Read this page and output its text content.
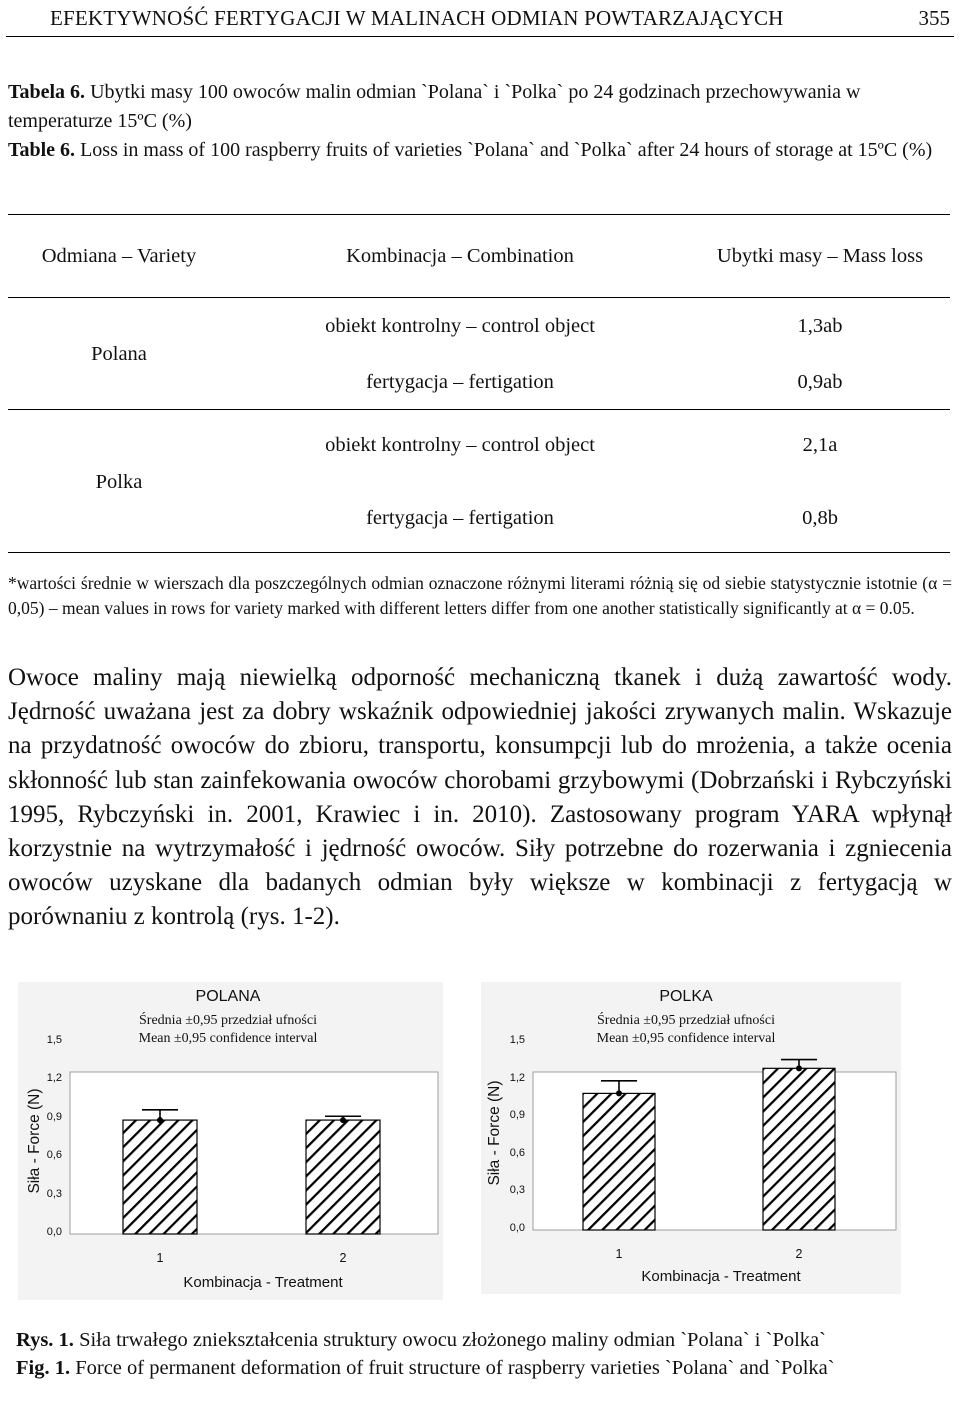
EFEKTYWNOŚĆ FERTYGACJI W MALINACH ODMIAN POWTARZAJĄCYCH	355
Tabela 6. Ubytki masy 100 owoców malin odmian `Polana` i `Polka` po 24 godzinach przechowywania w temperaturze 15ºC (%)
Table 6. Loss in mass of 100 raspberry fruits of varieties `Polana` and `Polka` after 24 hours of storage at 15ºC (%)
Odmiana – Variety	Kombinacja – Combination	Ubytki masy – Mass loss
Polana
obiekt kontrolny – control object	1,3ab
fertygacja – fertigation	0,9ab
Polka
obiekt kontrolny – control object	2,1a
fertygacja – fertigation	0,8b
*wartości średnie w wierszach dla poszczególnych odmian oznaczone różnymi literami różnią się od siebie statystycznie istotnie (α = 0,05) – mean values in rows for variety marked with different letters differ from one another statistically significantly at α = 0.05.
Owoce maliny mają niewielką odporność mechaniczną tkanek i dużą zawartość wody. Jędrność uważana jest za dobry wskaźnik odpowiedniej jakości zrywanych malin. Wskazuje na przydatność owoców do zbioru, transportu, konsumpcji lub do mrożenia, a także ocenia skłonność lub stan zainfekowania owoców chorobami grzybowymi (Dobrzański i Rybczyński 1995, Rybczyński in. 2001, Krawiec i in. 2010). Zastosowany program YARA wpłynął korzystnie na wytrzymałość i jędrność owoców. Siły potrzebne do rozerwania i zgniecenia owoców uzyskane dla badanych odmian były większe w kombinacji z fertygacją w porównaniu z kontrolą (rys. 1-2).
POLANA
Średnia ±0,95 przedział ufności
Mean ±0,95 confidence interval
0,0
0,3
0,6
0,9
1,2
1,5
1	2
Kombinacja - Treatment
Siła - Force (N)
POLKA
Średnia ±0,95 przedział ufności
Mean ±0,95 confidence interval
0,0
0,3
0,6
0,9
1,2
1,5
1	2
Kombinacja - Treatment
Siła - Force (N)
Rys. 1. Siła trwałego zniekształcenia struktury owocu złożonego maliny odmian `Polana` i `Polka`
Fig. 1. Force of permanent deformation of fruit structure of raspberry varieties `Polana` and `Polka`
